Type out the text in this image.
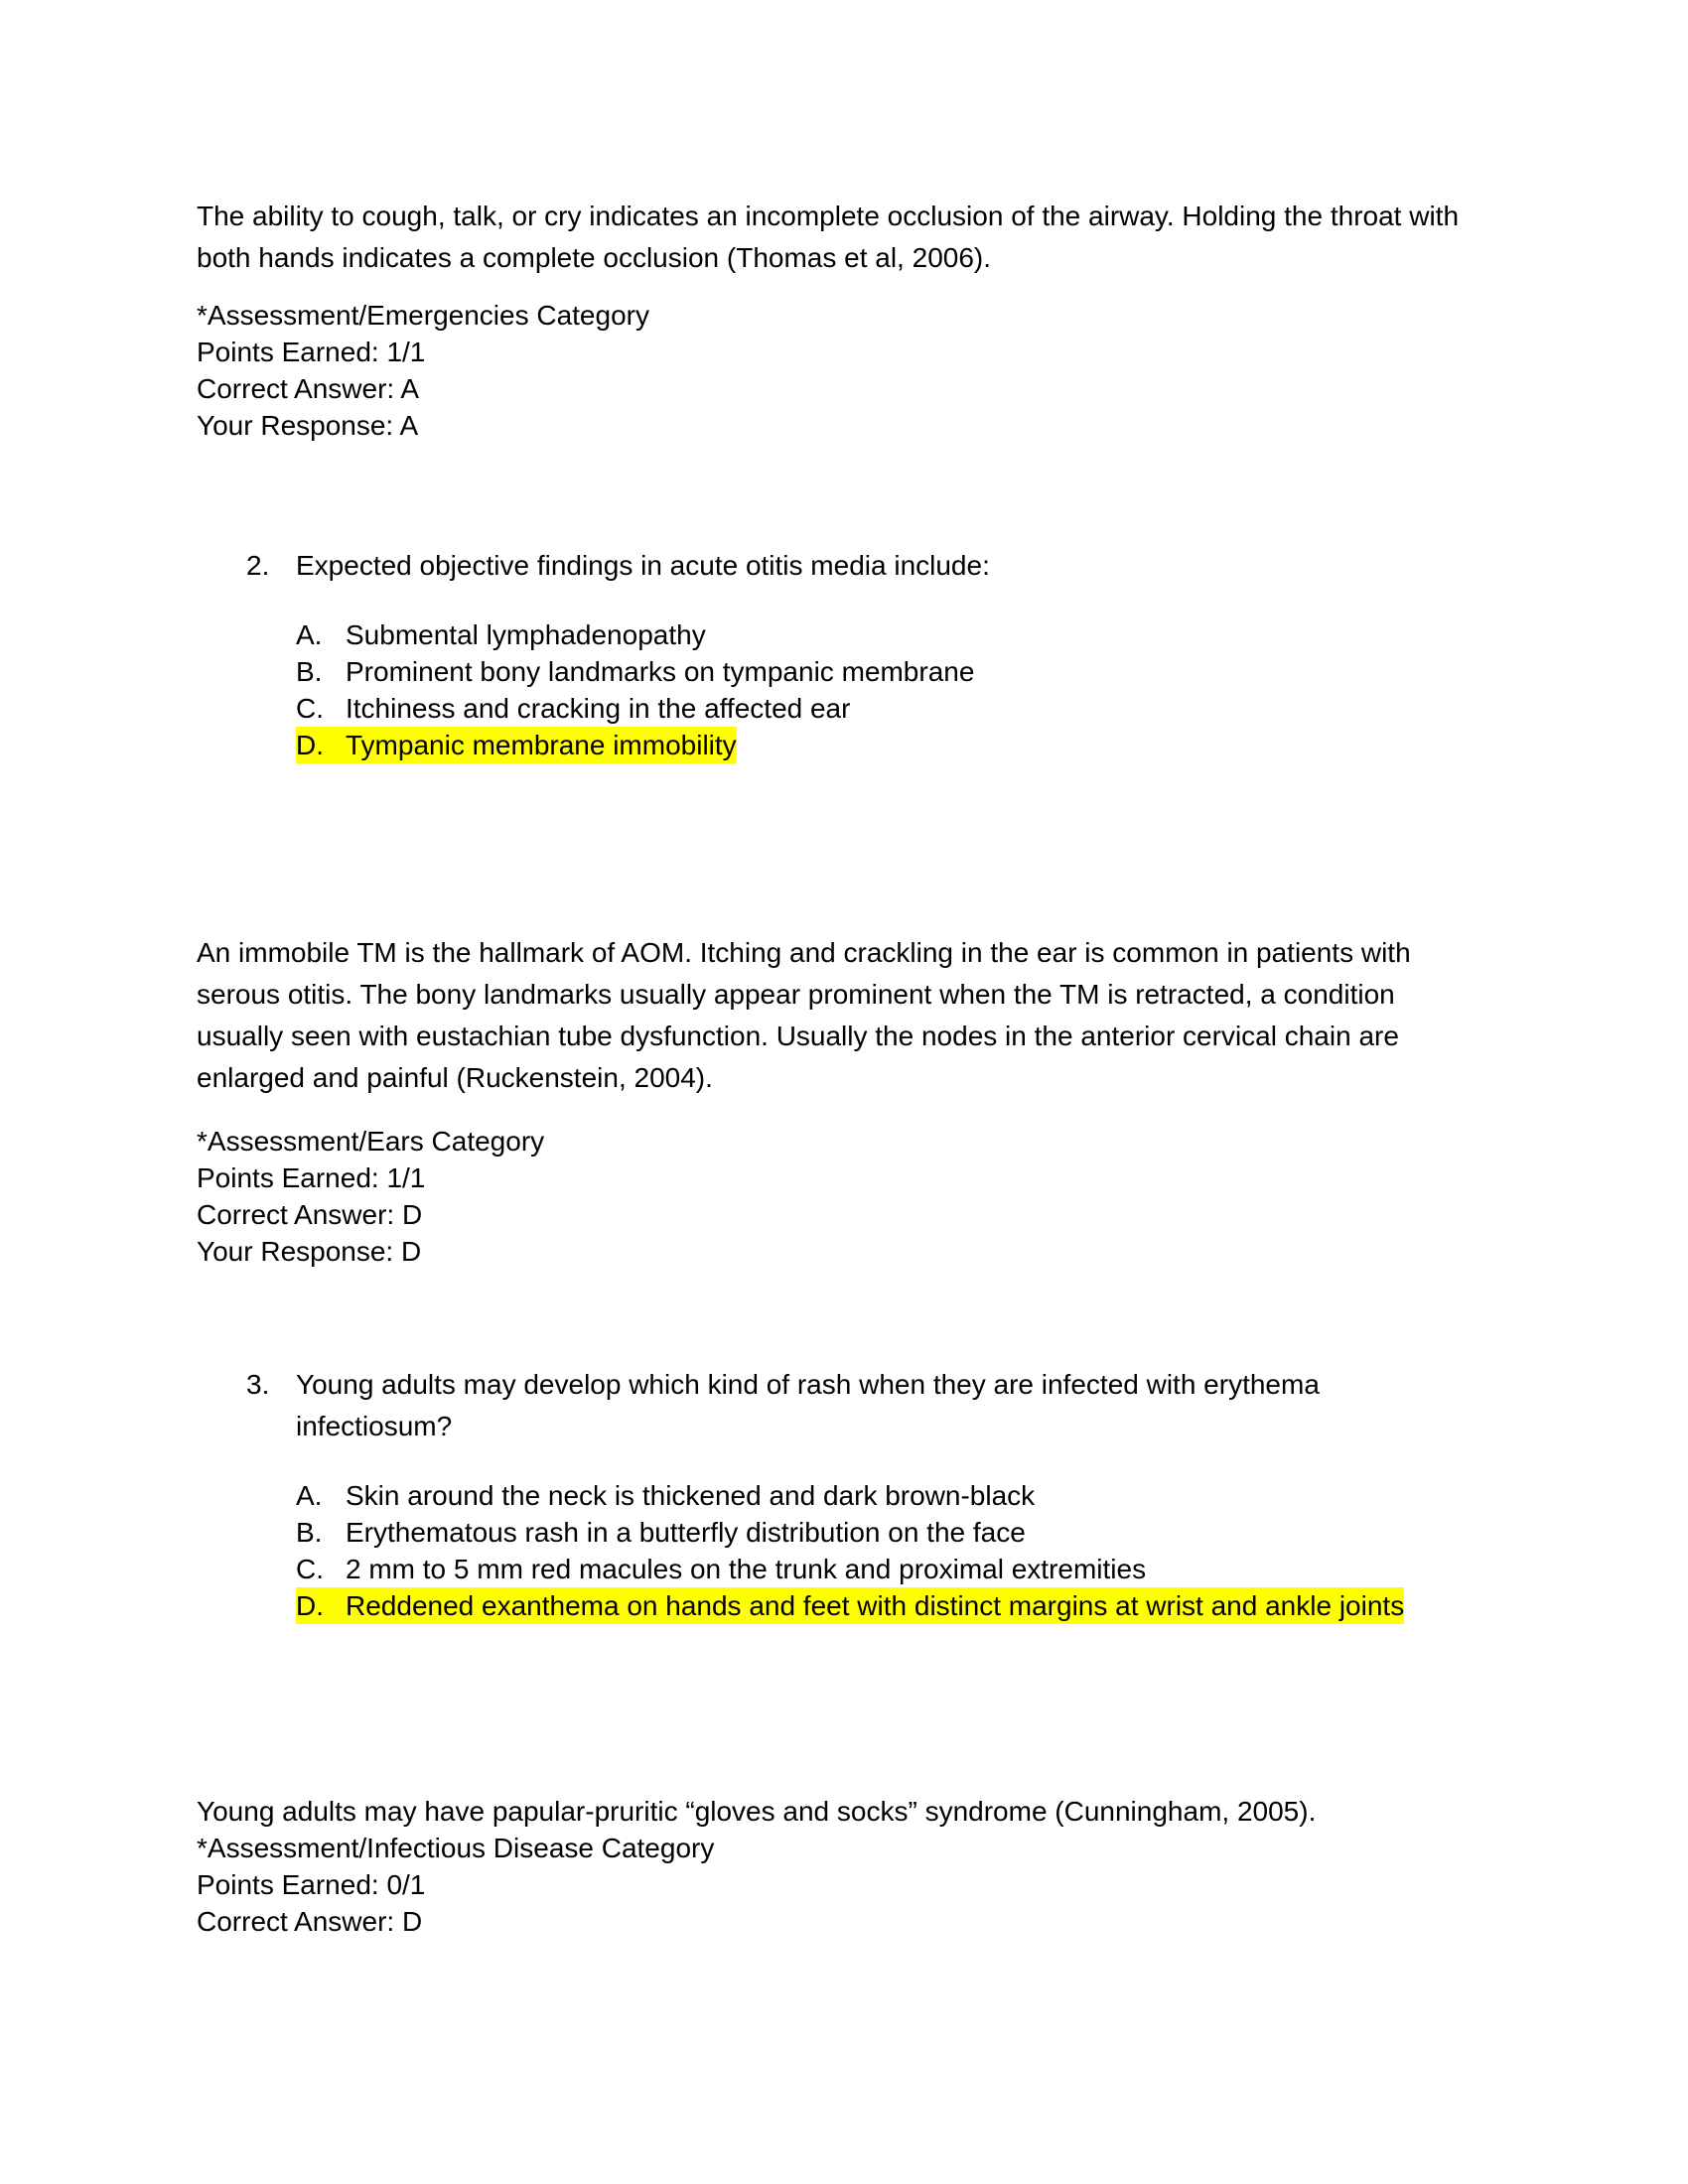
The ability to cough, talk, or cry indicates an incomplete occlusion of the airway. Holding the throat with both hands indicates a complete occlusion (Thomas et al, 2006).

*Assessment/Emergencies Category

Points Earned: 1/1

Correct Answer: A

Your Response: A

2. Expected objective findings in acute otitis media include:
A. Submental lymphadenopathy
B. Prominent bony landmarks on tympanic membrane
C. Itchiness and cracking in the affected ear
D. Tympanic membrane immobility

An immobile TM is the hallmark of AOM. Itching and crackling in the ear is common in patients with serous otitis. The bony landmarks usually appear prominent when the TM is retracted, a condition usually seen with eustachian tube dysfunction. Usually the nodes in the anterior cervical chain are enlarged and painful (Ruckenstein, 2004).

*Assessment/Ears Category

Points Earned: 1/1

Correct Answer: D

Your Response: D

3. Young adults may develop which kind of rash when they are infected with erythema infectiosum?
A. Skin around the neck is thickened and dark brown-black
B. Erythematous rash in a butterfly distribution on the face
C. 2 mm to 5 mm red macules on the trunk and proximal extremities
D. Reddened exanthema on hands and feet with distinct margins at wrist and ankle joints

Young adults may have papular-pruritic “gloves and socks” syndrome (Cunningham, 2005).

*Assessment/Infectious Disease Category

Points Earned: 0/1

Correct Answer: D
